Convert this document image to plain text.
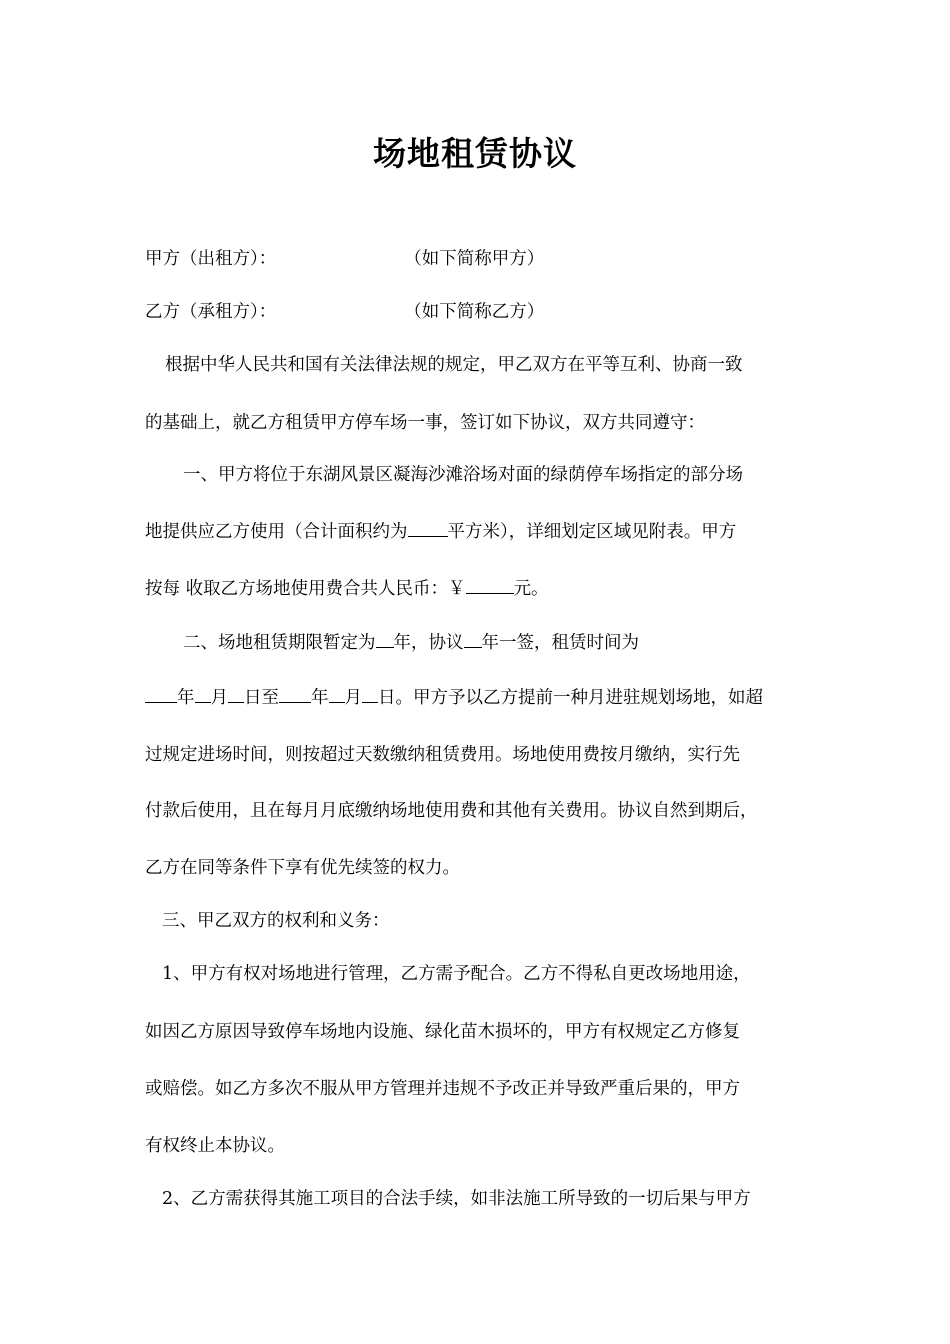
场地租赁协议
甲方（出租方）：	（如下简称甲方）
乙方（承租方）：	（如下简称乙方）
根据中华人民共和国有关法律法规的规定，甲乙双方在平等互利、协商一致
的基础上，就乙方租赁甲方停车场一事，签订如下协议，双方共同遵守：
一、甲方将位于东湖风景区凝海沙滩浴场对面的绿荫停车场指定的部分场
地提供应乙方使用（合计面积约为 平方米），详细划定区域见附表。甲方
按每 收取乙方场地使用费合共人民币：￥	元。
二、场地租赁期限暂定为 年，协议 年一签，租赁时间为
年 月 日至 年 月 日。甲方予以乙方提前一种月进驻规划场地，如超
过规定进场时间，则按超过天数缴纳租赁费用。场地使用费按月缴纳，实行先
付款后使用，且在每月月底缴纳场地使用费和其他有关费用。协议自然到期后，
乙方在同等条件下享有优先续签的权力。
三、甲乙双方的权利和义务：
1、甲方有权对场地进行管理，乙方需予配合。乙方不得私自更改场地用途，
如因乙方原因导致停车场地内设施、绿化苗木损坏的，甲方有权规定乙方修复
或赔偿。如乙方多次不服从甲方管理并违规不予改正并导致严重后果的，甲方
有权终止本协议。
2、乙方需获得其施工项目的合法手续，如非法施工所导致的一切后果与甲方
